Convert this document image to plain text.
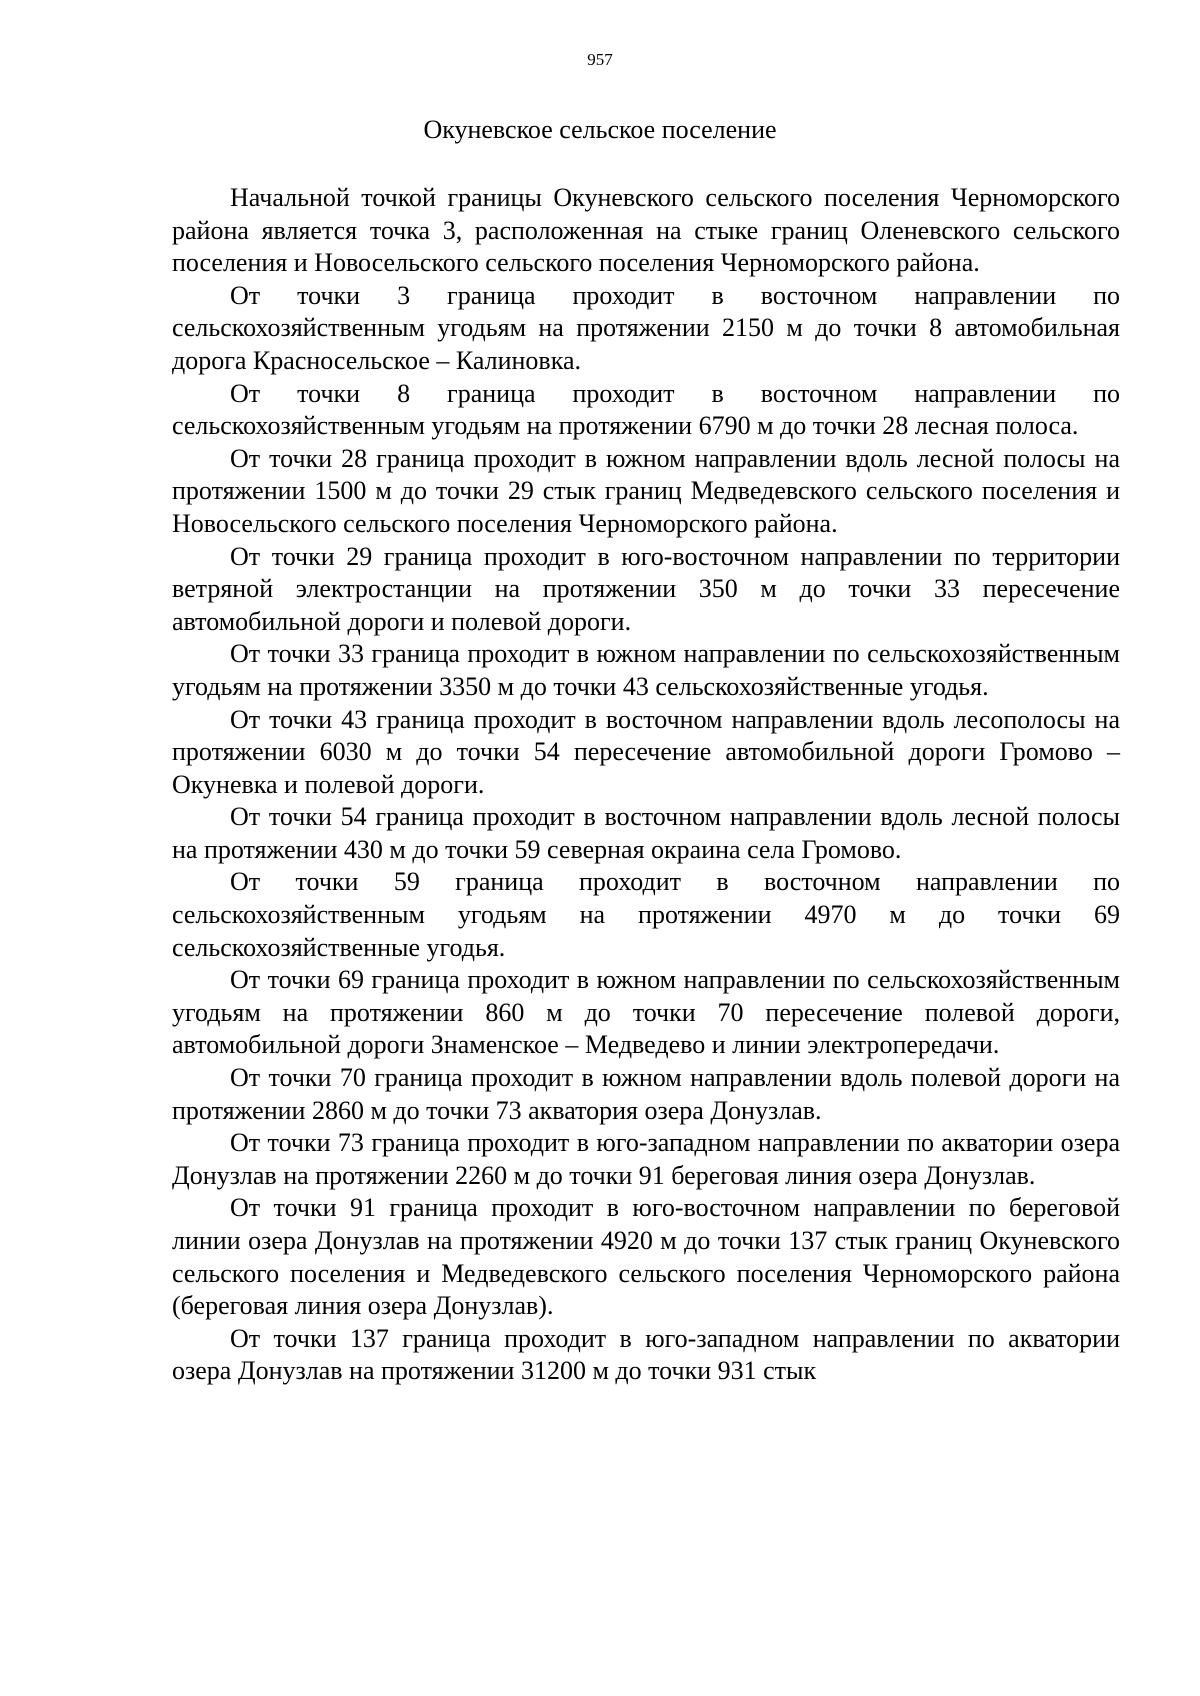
957
Окуневское сельское поселение

Начальной точкой границы Окуневского сельского поселения Черноморского района является точка 3, расположенная на стыке границ Оленевского сельского поселения и Новосельского сельского поселения Черноморского района.

От точки 3 граница проходит в восточном направлении по сельскохозяйственным угодьям на протяжении 2150 м до точки 8 автомобильная дорога Красносельское – Калиновка.

От точки 8 граница проходит в восточном направлении по сельскохозяйственным угодьям на протяжении 6790 м до точки 28 лесная полоса.

От точки 28 граница проходит в южном направлении вдоль лесной полосы на протяжении 1500 м до точки 29 стык границ Медведевского сельского поселения и Новосельского сельского поселения Черноморского района.

От точки 29 граница проходит в юго-восточном направлении по территории ветряной электростанции на протяжении 350 м до точки 33 пересечение автомобильной дороги и полевой дороги.

От точки 33 граница проходит в южном направлении по сельскохозяйственным угодьям на протяжении 3350 м до точки 43 сельскохозяйственные угодья.

От точки 43 граница проходит в восточном направлении вдоль лесополосы на протяжении 6030 м до точки 54 пересечение автомобильной дороги Громово – Окуневка и полевой дороги.

От точки 54 граница проходит в восточном направлении вдоль лесной полосы на протяжении 430 м до точки 59 северная окраина села Громово.

От точки 59 граница проходит в восточном направлении по сельскохозяйственным угодьям на протяжении 4970 м до точки 69 сельскохозяйственные угодья.

От точки 69 граница проходит в южном направлении по сельскохозяйственным угодьям на протяжении 860 м до точки 70 пересечение полевой дороги, автомобильной дороги Знаменское – Медведево и линии электропередачи.

От точки 70 граница проходит в южном направлении вдоль полевой дороги на протяжении 2860 м до точки 73 акватория озера Донузлав.

От точки 73 граница проходит в юго-западном направлении по акватории озера Донузлав на протяжении 2260 м до точки 91 береговая линия озера Донузлав.

От точки 91 граница проходит в юго-восточном направлении по береговой линии озера Донузлав на протяжении 4920 м до точки 137 стык границ Окуневского сельского поселения и Медведевского сельского поселения Черноморского района (береговая линия озера Донузлав).

От точки 137 граница проходит в юго-западном направлении по акватории озера Донузлав на протяжении 31200 м до точки 931 стык
